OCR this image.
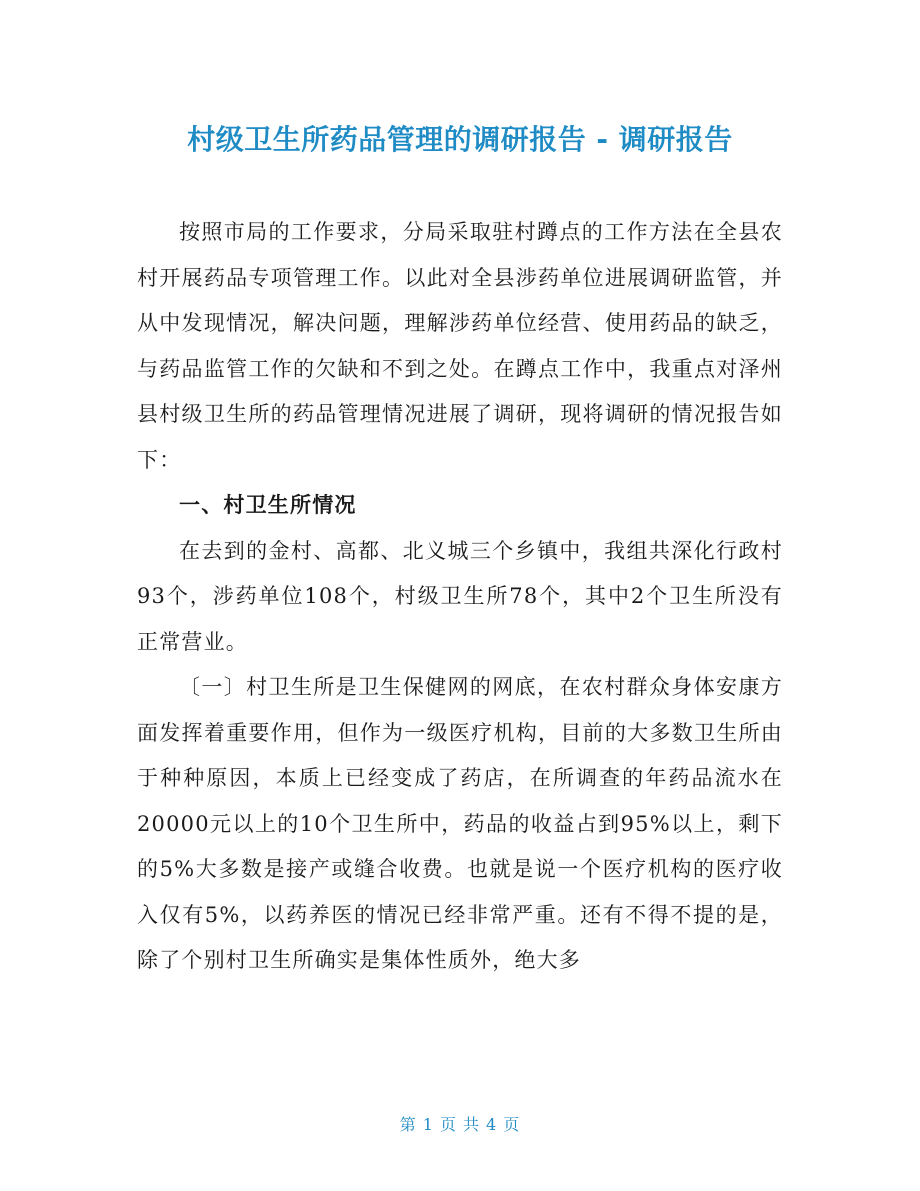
村级卫生所药品管理的调研报告 - 调研报告

按照市局的工作要求，分局采取驻村蹲点的工作方法在全县农村开展药品专项管理工作。以此对全县涉药单位进展调研监管，并从中发现情况，解决问题，理解涉药单位经营、使用药品的缺乏，与药品监管工作的欠缺和不到之处。在蹲点工作中，我重点对泽州县村级卫生所的药品管理情况进展了调研，现将调研的情况报告如下：

一、村卫生所情况

在去到的金村、高都、北义城三个乡镇中，我组共深化行政村93个，涉药单位108个，村级卫生所78个，其中2个卫生所没有正常营业。

〔一〕村卫生所是卫生保健网的网底，在农村群众身体安康方面发挥着重要作用，但作为一级医疗机构，目前的大多数卫生所由于种种原因，本质上已经变成了药店，在所调查的年药品流水在20000元以上的10个卫生所中，药品的收益占到95%以上，剩下的5%大多数是接产或缝合收费。也就是说一个医疗机构的医疗收入仅有5%，以药养医的情况已经非常严重。还有不得不提的是，除了个别村卫生所确实是集体性质外，绝大多

第 1 页 共 4 页
